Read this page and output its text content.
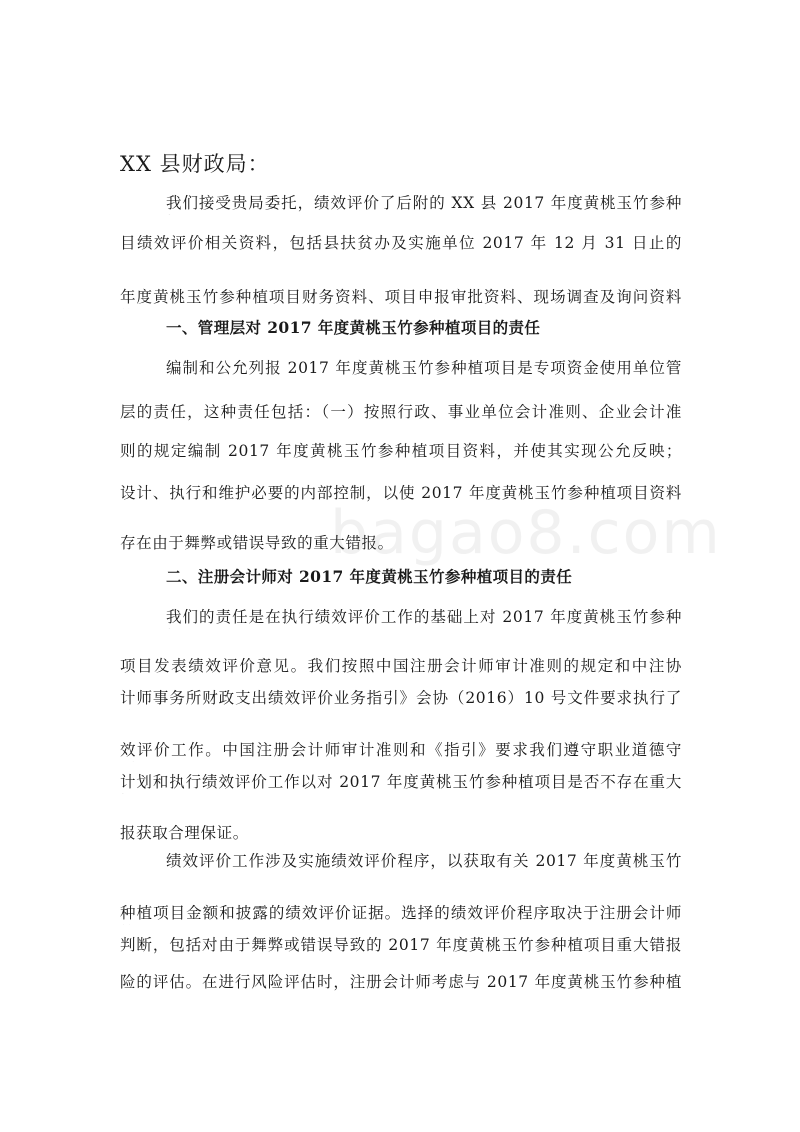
bagao8.com
XX 县财政局：
我们接受贵局委托，绩效评价了后附的 XX 县 2017 年度黄桃玉竹参种
目绩效评价相关资料，包括县扶贫办及实施单位 2017 年 12 月 31 日止的
年度黄桃玉竹参种植项目财务资料、项目申报审批资料、现场调查及询问资料
一、管理层对 2017 年度黄桃玉竹参种植项目的责任
编制和公允列报 2017 年度黄桃玉竹参种植项目是专项资金使用单位管
层的责任，这种责任包括：（一）按照行政、事业单位会计准则、企业会计准
则的规定编制 2017 年度黄桃玉竹参种植项目资料，并使其实现公允反映；
设计、执行和维护必要的内部控制，以使 2017 年度黄桃玉竹参种植项目资料
存在由于舞弊或错误导致的重大错报。
二、注册会计师对 2017 年度黄桃玉竹参种植项目的责任
我们的责任是在执行绩效评价工作的基础上对 2017 年度黄桃玉竹参种
项目发表绩效评价意见。我们按照中国注册会计师审计准则的规定和中注协
计师事务所财政支出绩效评价业务指引》会协（2016）10 号文件要求执行了
效评价工作。中国注册会计师审计准则和《指引》要求我们遵守职业道德守
计划和执行绩效评价工作以对 2017 年度黄桃玉竹参种植项目是否不存在重大
报获取合理保证。
绩效评价工作涉及实施绩效评价程序，以获取有关 2017 年度黄桃玉竹
种植项目金额和披露的绩效评价证据。选择的绩效评价程序取决于注册会计师
判断，包括对由于舞弊或错误导致的 2017 年度黄桃玉竹参种植项目重大错报
险的评估。在进行风险评估时，注册会计师考虑与 2017 年度黄桃玉竹参种植
